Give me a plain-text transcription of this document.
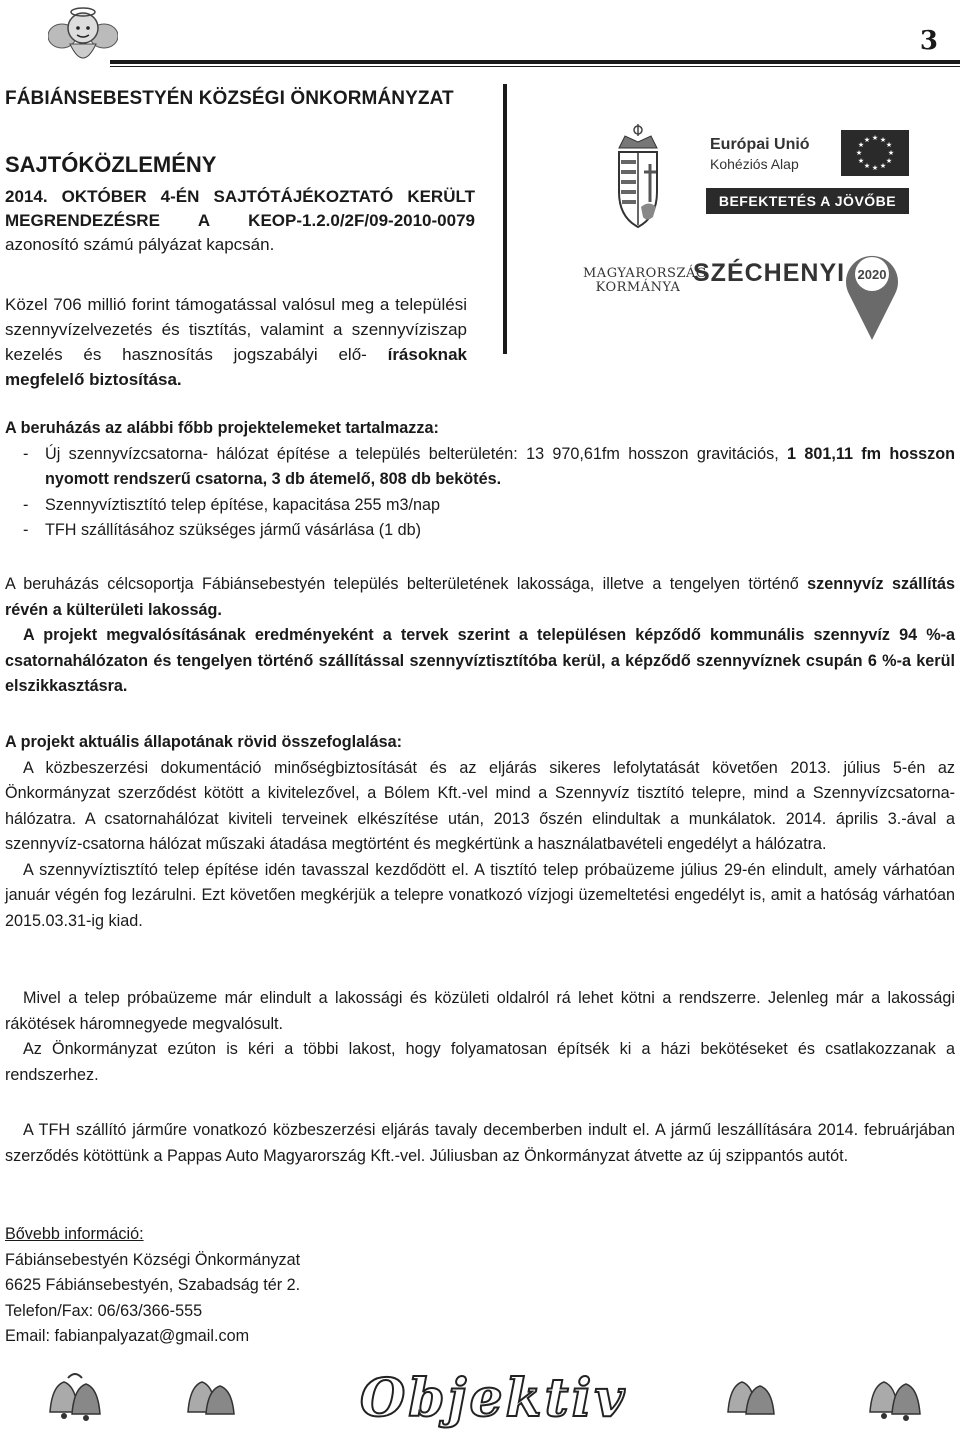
3
FÁBIÁNSEBESTYÉN KÖZSÉGI ÖNKORMÁNYZAT
SAJTÓKÖZLEMÉNY
2014. OKTÓBER 4-ÉN SAJTÓTÁJÉKOZTATÓ KERÜLT MEGRENDEZÉSRE A KEOP-1.2.0/2F/09-2010-0079 azonosító számú pályázat kapcsán.
Közel 706 millió forint támogatással valósul meg a települési szennyvízelvezetés és tisztítás, valamint a szennyvíziszap kezelés és hasznosítás jogszabályi elő- írásoknak megfelelő biztosítása.
MAGYARORSZÁG KORMÁNYA
Európai Unió
Kohéziós Alap
★ ★
★
★
★
★
★
★
★
★
★
★
BEFEKTETÉS A JÖVŐBE
SZÉCHENYI 2020

A beruházás az alábbi főbb projektelemeket tartalmazza:

-	Új szennyvízcsatorna- hálózat építése a település belterületén: 13 970,61fm hosszon gravitációs, 1 801,11 fm hosszon nyomott rendszerű csatorna, 3 db átemelő, 808 db bekötés.
-	Szennyvíztisztító telep építése, kapacitása 255 m3/nap
-	TFH szállításához szükséges jármű vásárlása (1 db)

A beruházás célcsoportja Fábiánsebestyén település belterületének lakossága, illetve a tengelyen történő szennyvíz szállítás révén a külterületi lakosság.

A projekt megvalósításának eredményeként a tervek szerint a településen képződő kommunális szennyvíz 94 %-a csatornahálózaton és tengelyen történő szállítással szennyvíztisztítóba kerül, a képződő szennyvíznek csupán 6 %-a kerül elszikkasztásra.

A projekt aktuális állapotának rövid összefoglalása:

A közbeszerzési dokumentáció minőségbiztosítását és az eljárás sikeres lefolytatását követően 2013. július 5-én az Önkormányzat szerződést kötött a kivitelezővel, a Bólem Kft.-vel mind a Szennyvíz tisztító telepre, mind a Szennyvízcsatorna-hálózatra. A csatornahálózat kiviteli terveinek elkészítése után, 2013 őszén elindultak a munkálatok. 2014. április 3.-ával a szennyvíz-csatorna hálózat műszaki átadása megtörtént és megkértünk a használatbavételi engedélyt a hálózatra.

A szennyvíztisztító telep építése idén tavasszal kezdődött el. A tisztító telep próbaüzeme július 29-én elindult, amely várhatóan január végén fog lezárulni. Ezt követően megkérjük a telepre vonatkozó vízjogi üzemeltetési engedélyt is, amit a hatóság várhatóan 2015.03.31-ig kiad.

Mivel a telep próbaüzeme már elindult a lakossági és közületi oldalról rá lehet kötni a rendszerre. Jelenleg már a lakossági rákötések háromnegyede megvalósult.

Az Önkormányzat ezúton is kéri a többi lakost, hogy folyamatosan építsék ki a házi bekötéseket és csatlakozzanak a rendszerhez.

A TFH szállító járműre vonatkozó közbeszerzési eljárás tavaly decemberben indult el. A jármű leszállítására 2014. februárjában szerződés kötöttünk a Pappas Auto Magyarország Kft.-vel. Júliusban az Önkormányzat átvette az új szippantós autót.

Bővebb információ:

Fábiánsebestyén Községi Önkormányzat

6625 Fábiánsebestyén, Szabadság tér 2.

Telefon/Fax: 06/63/366-555

Email: fabianpalyazat@gmail.com

Objektiv
